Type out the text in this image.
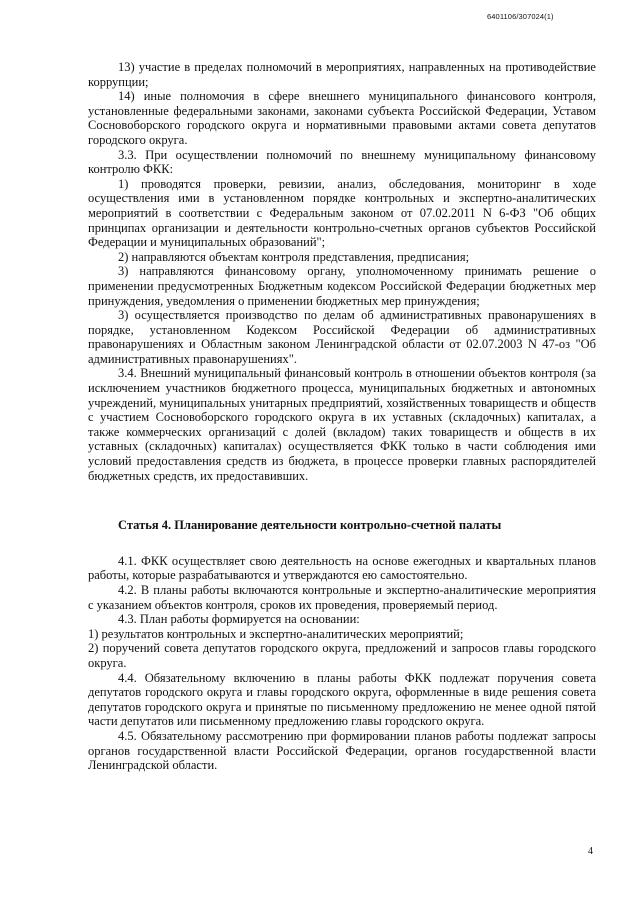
6401106/307024(1)

13) участие в пределах полномочий в мероприятиях, направленных на противодействие коррупции;

14) иные полномочия в сфере внешнего муниципального финансового контроля, установленные федеральными законами, законами субъекта Российской Федерации, Уставом Сосновоборского городского округа и нормативными правовыми актами совета депутатов городского округа.

3.3. При осуществлении полномочий по внешнему муниципальному финансовому контролю ФКК:

1) проводятся проверки, ревизии, анализ, обследования, мониторинг в ходе осуществления ими в установленном порядке контрольных и экспертно-аналитических мероприятий в соответствии с Федеральным законом от 07.02.2011 N 6-ФЗ "Об общих принципах организации и деятельности контрольно-счетных органов субъектов Российской Федерации и муниципальных образований";

2) направляются объектам контроля представления, предписания;

3) направляются финансовому органу, уполномоченному принимать решение о применении предусмотренных Бюджетным кодексом Российской Федерации бюджетных мер принуждения, уведомления о применении бюджетных мер принуждения;

3) осуществляется производство по делам об административных правонарушениях в порядке, установленном Кодексом Российской Федерации об административных правонарушениях и Областным законом Ленинградской области от 02.07.2003 N 47-оз "Об административных правонарушениях".

3.4. Внешний муниципальный финансовый контроль в отношении объектов контроля (за исключением участников бюджетного процесса, муниципальных бюджетных и автономных учреждений, муниципальных унитарных предприятий, хозяйственных товариществ и обществ с участием Сосновоборского городского округа в их уставных (складочных) капиталах, а также коммерческих организаций с долей (вкладом) таких товариществ и обществ в их уставных (складочных) капиталах) осуществляется ФКК только в части соблюдения ими условий предоставления средств из бюджета, в процессе проверки главных распорядителей бюджетных средств, их предоставивших.

Статья 4. Планирование деятельности контрольно-счетной палаты

4.1. ФКК осуществляет свою деятельность на основе ежегодных и квартальных планов работы, которые разрабатываются и утверждаются ею самостоятельно.

4.2. В планы работы включаются контрольные и экспертно-аналитические мероприятия с указанием объектов контроля, сроков их проведения, проверяемый период.

4.3. План работы формируется на основании:

1) результатов контрольных и экспертно-аналитических мероприятий;

2) поручений совета депутатов городского округа, предложений и запросов главы городского округа.

4.4. Обязательному включению в планы работы ФКК подлежат поручения совета депутатов городского округа и главы городского округа, оформленные в виде решения совета депутатов городского округа и принятые по письменному предложению не менее одной пятой части депутатов или письменному предложению главы городского округа.

4.5. Обязательному рассмотрению при формировании планов работы подлежат запросы органов государственной власти Российской Федерации, органов государственной власти Ленинградской области.

4
